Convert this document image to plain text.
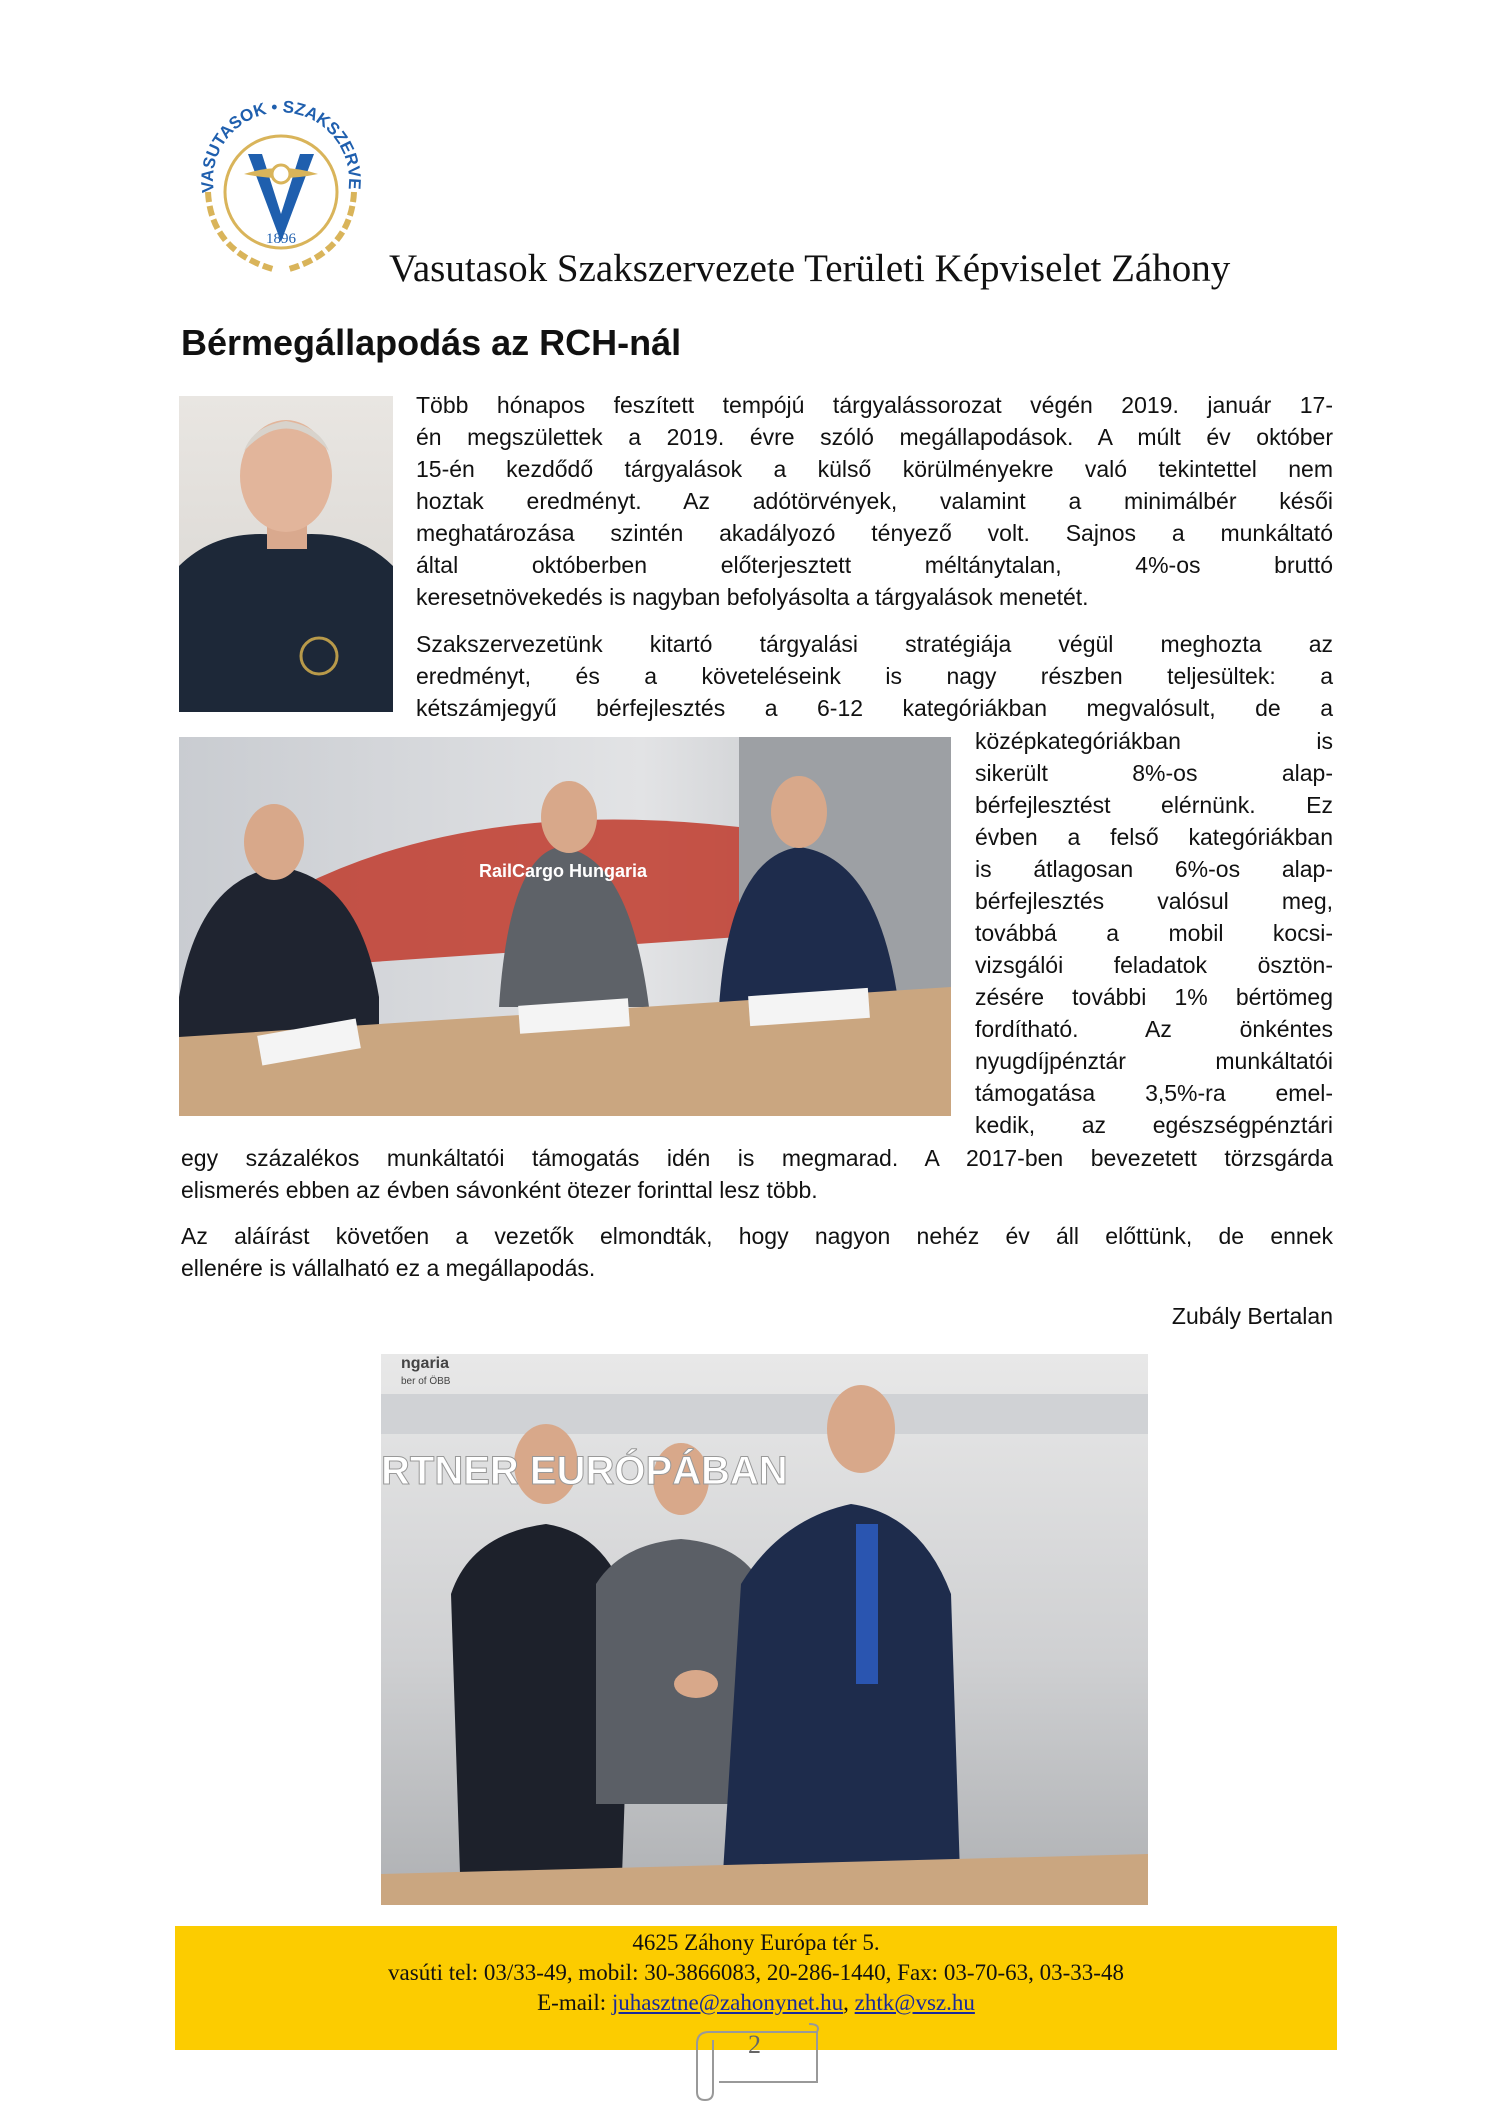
VASUTASOK • SZAKSZERVE
1896
Vasutasok Szakszervezete Területi Képviselet Záhony
Bérmegállapodás az RCH-nál
RailCargo Hungaria
Több hónapos feszített tempójú tárgyalássorozat végén 2019. január 17-
én megszülettek a 2019. évre szóló megállapodások. A múlt év október
15-én kezdődő tárgyalások a külső körülményekre való tekintettel nem
hoztak eredményt. Az adótörvények, valamint a minimálbér késői
meghatározása szintén akadályozó tényező volt. Sajnos a munkáltató
által októberben előterjesztett méltánytalan, 4%-os bruttó
keresetnövekedés is nagyban befolyásolta a tárgyalások menetét.
Szakszervezetünk kitartó tárgyalási stratégiája végül meghozta az
eredményt, és a követeléseink is nagy részben teljesültek: a
kétszámjegyű bérfejlesztés a 6-12 kategóriákban megvalósult, de a
középkategóriákban is
sikerült 8%-os alap-
bérfejlesztést elérnünk. Ez
évben a felső kategóriákban
is átlagosan 6%-os alap-
bérfejlesztés valósul meg,
továbbá a mobil kocsi-
vizsgálói feladatok ösztön-
zésére további 1% bértömeg
fordítható. Az önkéntes
nyugdíjpénztár munkáltatói
támogatása 3,5%-ra emel-
kedik, az egészségpénztári
egy százalékos munkáltatói támogatás idén is megmarad. A 2017-ben bevezetett törzsgárda
elismerés ebben az évben sávonként ötezer forinttal lesz több.
Az aláírást követően a vezetők elmondták, hogy nagyon nehéz év áll előttünk, de ennek
ellenére is vállalható ez a megállapodás.
Zubály Bertalan
ngaria
ber of ÖBB
RTNER EURÓPÁBAN
4625 Záhony Európa tér 5.
vasúti tel: 03/33-49, mobil: 30-3866083, 20-286-1440, Fax: 03-70-63, 03-33-48
E-mail: juhasztne@zahonynet.hu, zhtk@vsz.hu
2
